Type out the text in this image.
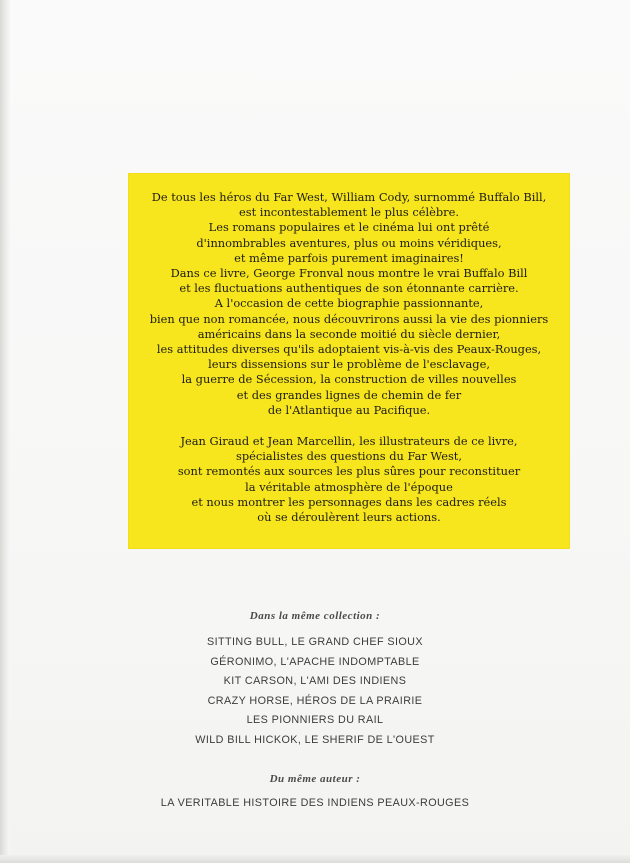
De tous les héros du Far West, William Cody, surnommé Buffalo Bill,
est incontestablement le plus célèbre.
Les romans populaires et le cinéma lui ont prêté
d'innombrables aventures, plus ou moins véridiques,
et même parfois purement imaginaires!
Dans ce livre, George Fronval nous montre le vrai Buffalo Bill
et les fluctuations authentiques de son étonnante carrière.
A l'occasion de cette biographie passionnante,
bien que non romancée, nous découvrirons aussi la vie des pionniers
américains dans la seconde moitié du siècle dernier,
les attitudes diverses qu'ils adoptaient vis-à-vis des Peaux-Rouges,
leurs dissensions sur le problème de l'esclavage,
la guerre de Sécession, la construction de villes nouvelles
et des grandes lignes de chemin de fer
de l'Atlantique au Pacifique.
Jean Giraud et Jean Marcellin, les illustrateurs de ce livre,
spécialistes des questions du Far West,
sont remontés aux sources les plus sûres pour reconstituer
la véritable atmosphère de l'époque
et nous montrer les personnages dans les cadres réels
où se déroulèrent leurs actions.
Dans la même collection :
SITTING BULL, LE GRAND CHEF SIOUX
GÉRONIMO, L'APACHE INDOMPTABLE
KIT CARSON, L'AMI DES INDIENS
CRAZY HORSE, HÉROS DE LA PRAIRIE
LES PIONNIERS DU RAIL
WILD BILL HICKOK, LE SHERIF DE L'OUEST
Du même auteur :
LA VERITABLE HISTOIRE DES INDIENS PEAUX-ROUGES
